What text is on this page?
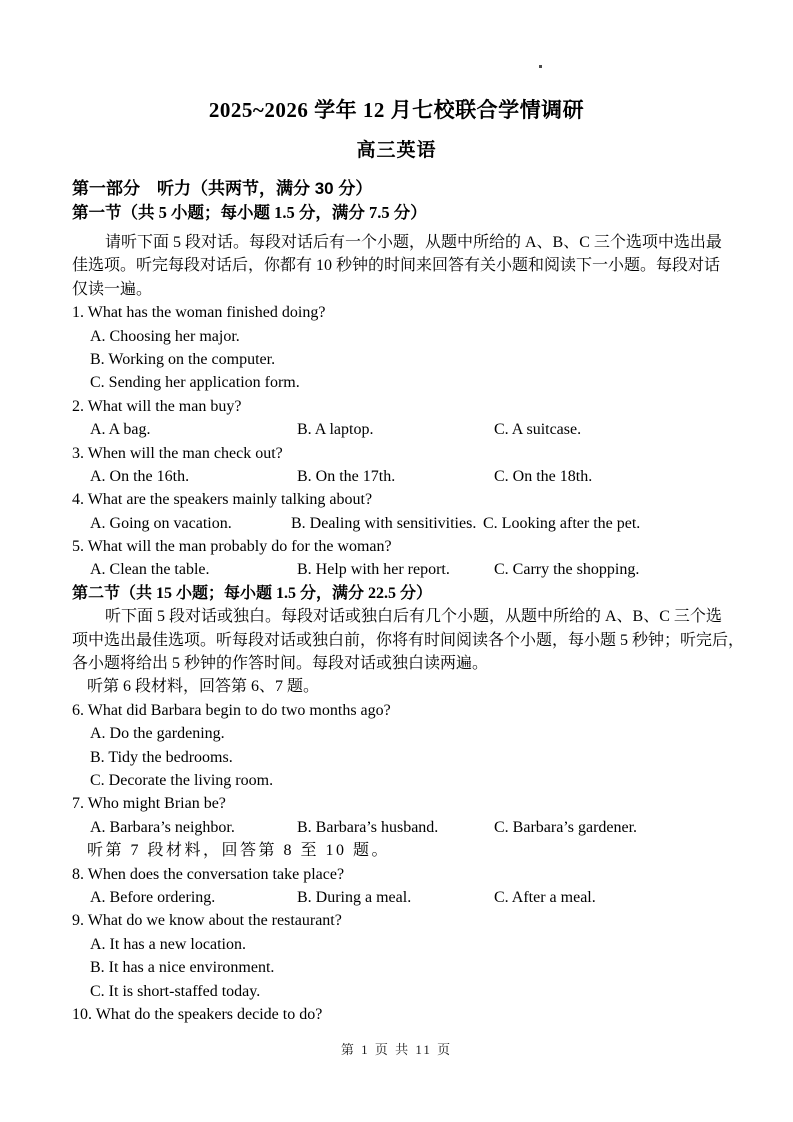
2025~2026 学年 12 月七校联合学情调研
高三英语
第一部分　听力（共两节，满分 30 分）
第一节（共 5 小题；每小题 1.5 分，满分 7.5 分）
请听下面 5 段对话。每段对话后有一个小题，从题中所给的 A、B、C 三个选项中选出最
佳选项。听完每段对话后，你都有 10 秒钟的时间来回答有关小题和阅读下一小题。每段对话
仅读一遍。
1. What has the woman finished doing?
A. Choosing her major.
B. Working on the computer.
C. Sending her application form.
2. What will the man buy?

A. A bag.

	B. A laptop.

	C. A suitcase.

3. When will the man check out?

A. On the 16th.

	B. On the 17th.

	C. On the 18th.

4. What are the speakers mainly talking about?

A. Going on vacation.

	B. Dealing with sensitivities.

C. Looking after the pet.

5. What will the man probably do for the woman?

A. Clean the table.

	B. Help with her report.

	C. Carry the shopping.

第二节（共 15 小题；每小题 1.5 分，满分 22.5 分）
听下面 5 段对话或独白。每段对话或独白后有几个小题，从题中所给的 A、B、C 三个选
项中选出最佳选项。听每段对话或独白前，你将有时间阅读各个小题，每小题 5 秒钟；听完后，
各小题将给出 5 秒钟的作答时间。每段对话或独白读两遍。
听第 6 段材料，回答第 6、7 题。
6. What did Barbara begin to do two months ago?
A. Do the gardening.
B. Tidy the bedrooms.
C. Decorate the living room.
7. Who might Brian be?

A. Barbara’s neighbor.

	B. Barbara’s husband.

	C. Barbara’s gardener.

听第 7 段材料，回答第 8 至 10 题。
8. When does the conversation take place?

A. Before ordering.

	B. During a meal.

	C. After a meal.

9. What do we know about the restaurant?
A. It has a new location.
B. It has a nice environment.
C. It is short-staffed today.
10. What do the speakers decide to do?
第 1 页 共 11 页
